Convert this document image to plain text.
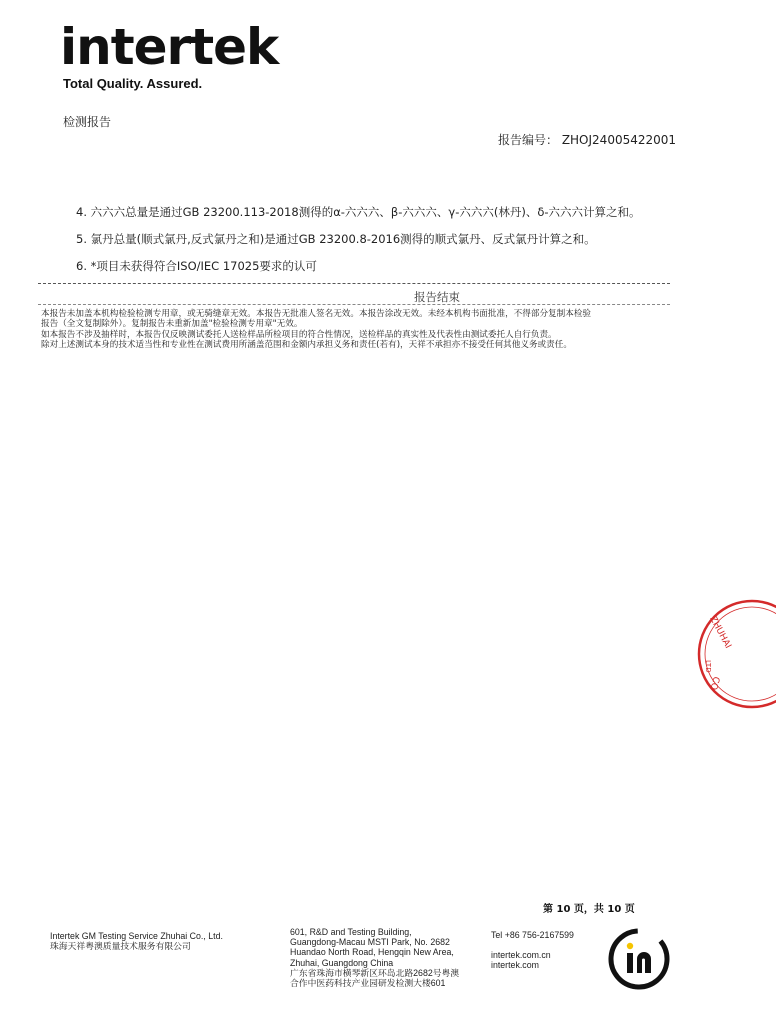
intertek
Total Quality. Assured.
检测报告
报告编号： ZHOJ24005422001
4. 六六六总量是通过GB 23200.113-2018测得的α-六六六、β-六六六、γ-六六六(林丹)、δ-六六六计算之和。
5. 氯丹总量(顺式氯丹,反式氯丹之和)是通过GB 23200.8-2016测得的顺式氯丹、反式氯丹计算之和。
6. *项目未获得符合ISO/IEC 17025要求的认可
报告结束
本报告未加盖本机构检验检测专用章，或无骑缝章无效。本报告无批准人签名无效。本报告涂改无效。未经本机构书面批准，不得部分复制本检验
报告（全文复制除外）。复制报告未重新加盖"检验检测专用章"无效。
如本报告不涉及抽样时，本报告仅反映测试委托人送检样品所检项目的符合性情况，送检样品的真实性及代表性由测试委托人自行负责。
除对上述测试本身的技术适当性和专业性在测试费用所涵盖范围和金额内承担义务和责任(若有)，天祥不承担亦不接受任何其他义务或责任。
ZHUHAI
CO
LTD
第 10 页，共 10 页
Intertek GM Testing Service Zhuhai Co., Ltd.
珠海天祥粤澳质量技术服务有限公司
601, R&D and Testing Building,
Guangdong-Macau MSTI Park, No. 2682
Huandao North Road, Hengqin New Area,
Zhuhai, Guangdong China
广东省珠海市横琴新区环岛北路2682号粤澳
合作中医药科技产业园研发检测大楼601
Tel +86 756-2167599
intertek.com.cn
intertek.com
